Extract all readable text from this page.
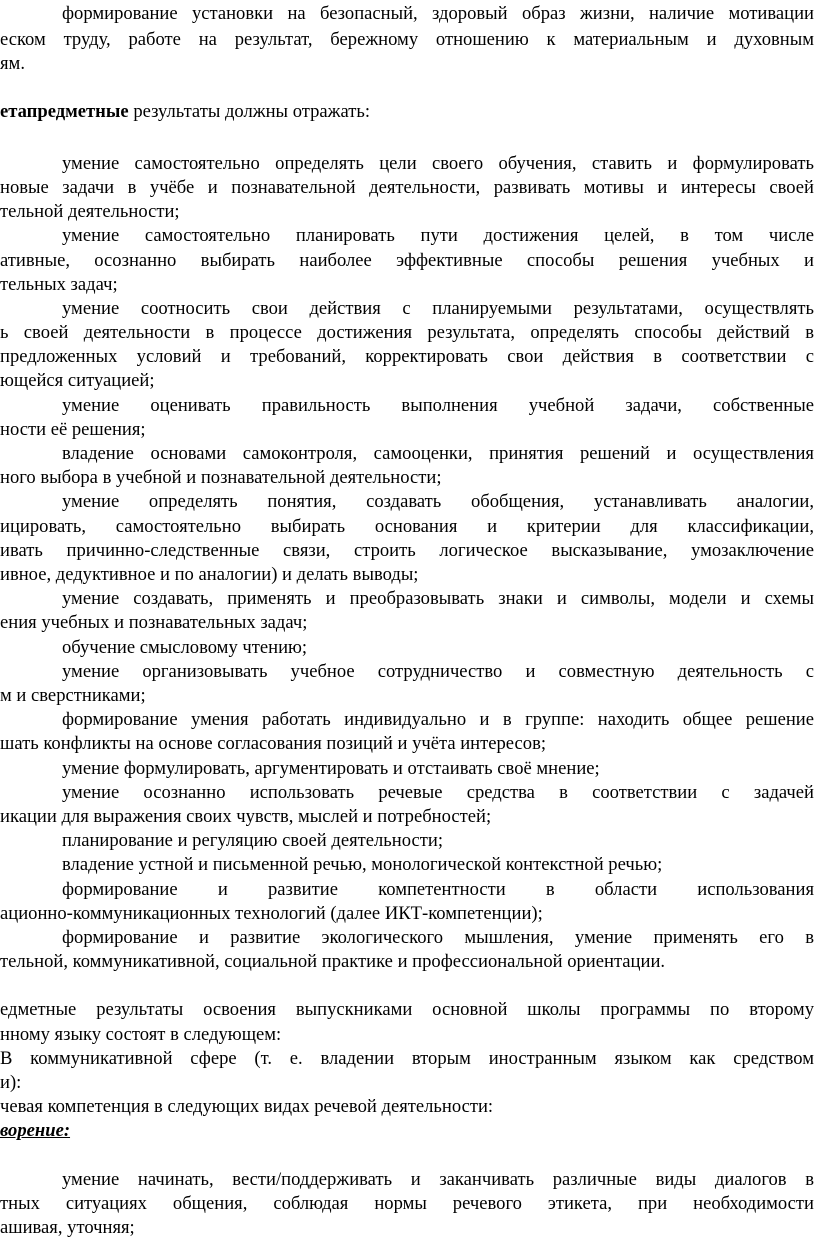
формирование установки на безопасный, здоровый образ жизни, наличие мотивации
еском труду, работе на результат, бережному отношению к материальным и духовным
ям.
етапредметные результаты должны отражать:
умение самостоятельно определять цели своего обучения, ставить и формулировать
новые задачи в учёбе и познавательной деятельности, развивать мотивы и интересы своей
тельной деятельности;
умение самостоятельно планировать пути достижения целей, в том числе
ативные, осознанно выбирать наиболее эффективные способы решения учебных и
тельных задач;
умение соотносить свои действия с планируемыми результатами, осуществлять
ь своей деятельности в процессе достижения результата, определять способы действий в
предложенных условий и требований, корректировать свои действия в соответствии с
ющейся ситуацией;
умение оценивать правильность выполнения учебной задачи, собственные
ности её решения;
владение основами самоконтроля, самооценки, принятия решений и осуществления
ного выбора в учебной и познавательной деятельности;
умение определять понятия, создавать обобщения, устанавливать аналогии,
ицировать, самостоятельно выбирать основания и критерии для классификации,
ивать причинно-следственные связи, строить логическое высказывание, умозаключение
ивное, дедуктивное и по аналогии) и делать выводы;
умение создавать, применять и преобразовывать знаки и символы, модели и схемы
ения учебных и познавательных задач;
обучение смысловому чтению;
умение организовывать учебное сотрудничество и совместную деятельность с
м и сверстниками;
формирование умения работать индивидуально и в группе: находить общее решение
шать конфликты на основе согласования позиций и учёта интересов;
умение формулировать, аргументировать и отстаивать своё мнение;
умение осознанно использовать речевые средства в соответствии с задачей
икации для выражения своих чувств, мыслей и потребностей;
планирование и регуляцию своей деятельности;
владение устной и письменной речью, монологической контекстной речью;
формирование и развитие компетентности в области использования
ационно-коммуникационных технологий (далее ИКТ-компетенции);
формирование и развитие экологического мышления, умение применять его в
тельной, коммуникативной, социальной практике и профессиональной ориентации.
едметные результаты освоения выпускниками основной школы программы по второму
нному языку состоят в следующем:
В коммуникативной сфере (т. е. владении вторым иностранным языком как средством
и):
чевая компетенция в следующих видах речевой деятельности:
ворение:
умение начинать, вести/поддерживать и заканчивать различные виды диалогов в
тных ситуациях общения, соблюдая нормы речевого этикета, при необходимости
ашивая, уточняя;
